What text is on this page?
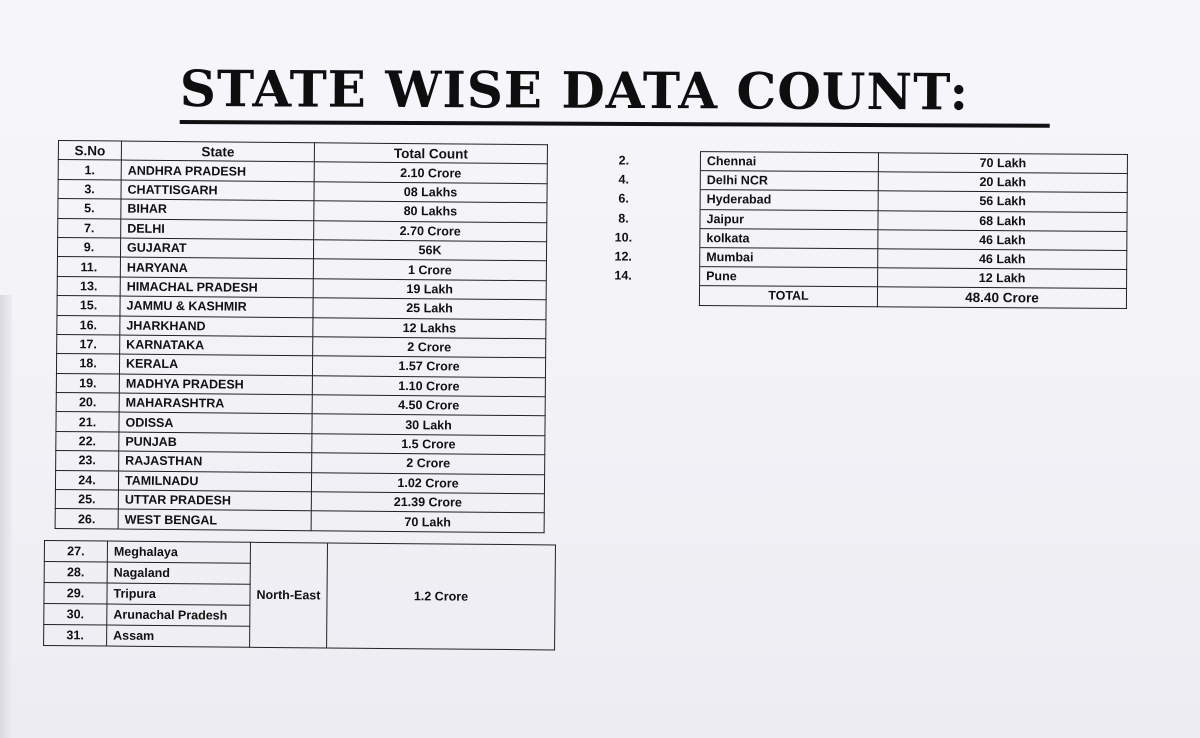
STATE WISE DATA COUNT:
S.No	State	Total Count
1.	ANDHRA PRADESH	2.10 Crore
3.	CHATTISGARH	08 Lakhs
5.	BIHAR	80 Lakhs
7.	DELHI	2.70 Crore
9.	GUJARAT	56K
11.	HARYANA	1 Crore
13.	HIMACHAL PRADESH	19 Lakh
15.	JAMMU & KASHMIR	25 Lakh
16.	JHARKHAND	12 Lakhs
17.	KARNATAKA	2 Crore
18.	KERALA	1.57 Crore
19.	MADHYA PRADESH	1.10 Crore
20.	MAHARASHTRA	4.50 Crore
21.	ODISSA	30 Lakh
22.	PUNJAB	1.5 Crore
23.	RAJASTHAN	2 Crore
24.	TAMILNADU	1.02 Crore
25.	UTTAR PRADESH	21.39 Crore
26.	WEST BENGAL	70 Lakh
27.	Meghalaya	North-East	1.2 Crore
28.	Nagaland		
29.	Tripura		
30.	Arunachal Pradesh		
31.	Assam		
2.	Chennai	70 Lakh
4.	Delhi NCR	20 Lakh
6.	Hyderabad	56 Lakh
8.	Jaipur	68 Lakh
10.	kolkata	46 Lakh
12.	Mumbai	46 Lakh
14.	Pune	12 Lakh
	TOTAL	48.40 Crore
